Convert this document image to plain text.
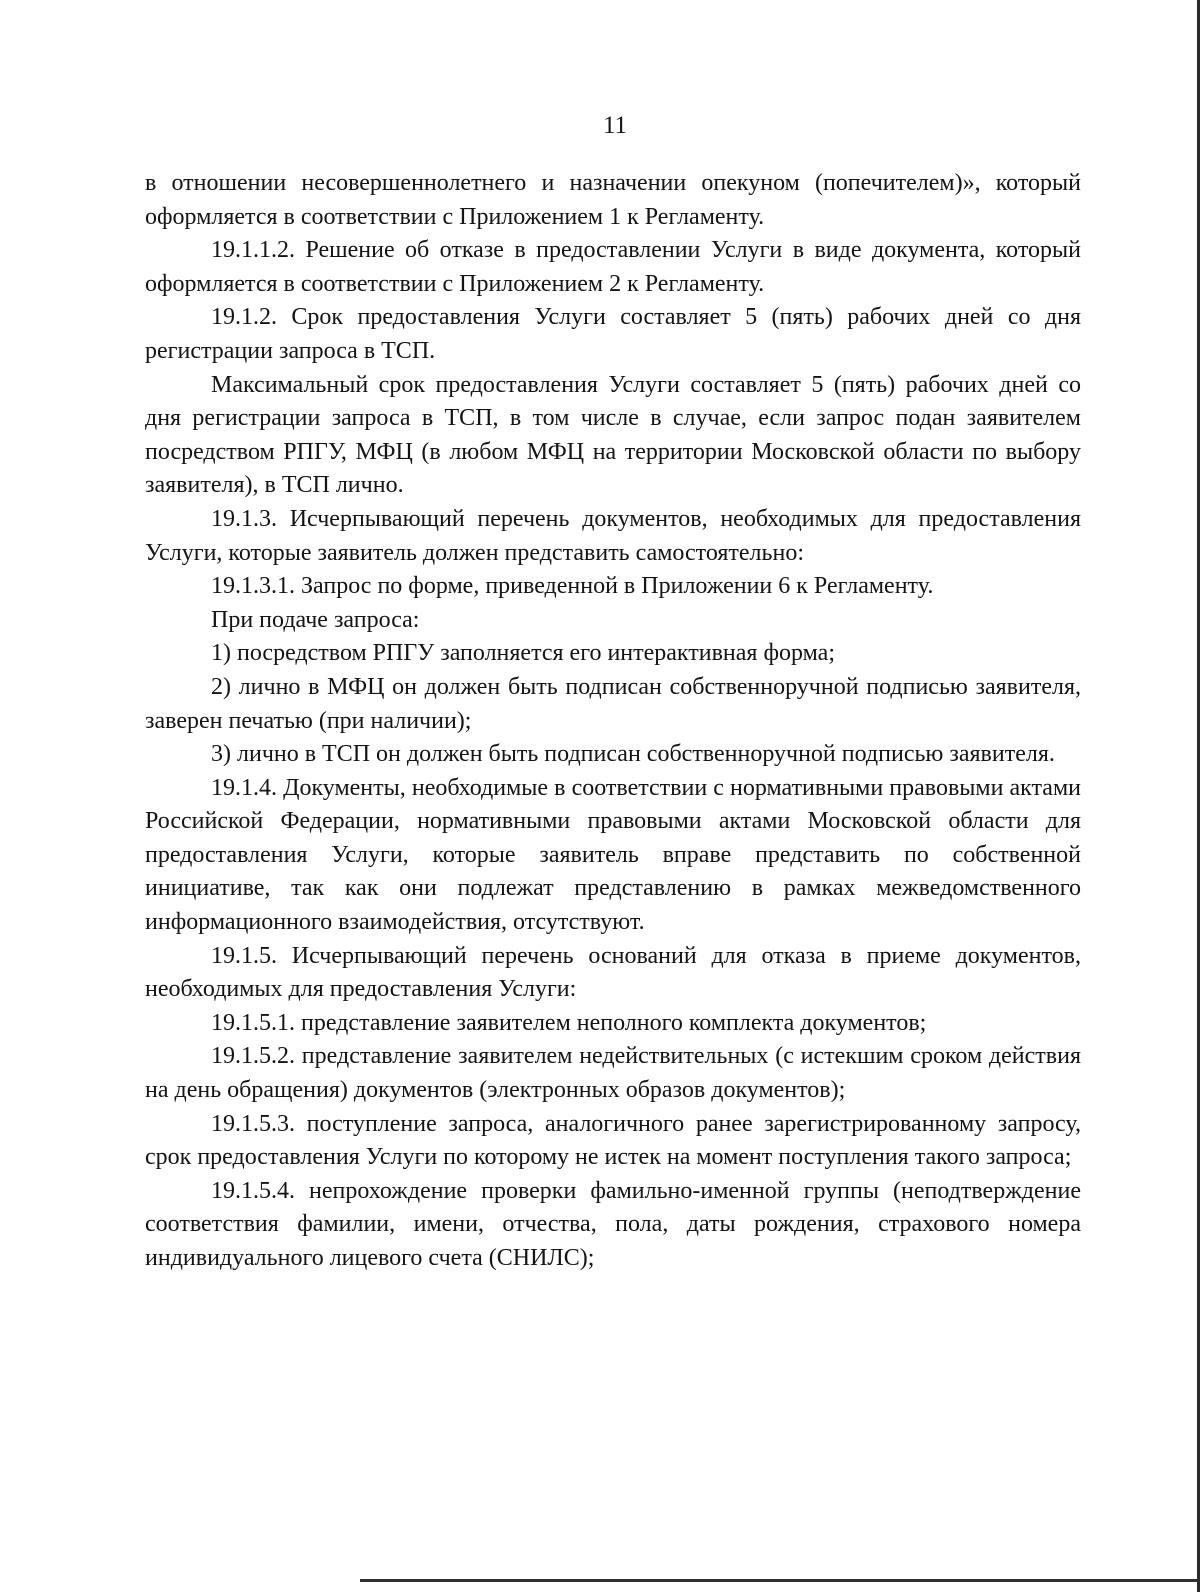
11

в отношении несовершеннолетнего и назначении опекуном (попечителем)», который оформляется в соответствии с Приложением 1 к Регламенту.

19.1.1.2. Решение об отказе в предоставлении Услуги в виде документа, который оформляется в соответствии с Приложением 2 к Регламенту.

19.1.2. Срок предоставления Услуги составляет 5 (пять) рабочих дней со дня регистрации запроса в ТСП.

Максимальный срок предоставления Услуги составляет 5 (пять) рабочих дней со дня регистрации запроса в ТСП, в том числе в случае, если запрос подан заявителем посредством РПГУ, МФЦ (в любом МФЦ на территории Московской области по выбору заявителя), в ТСП лично.

19.1.3. Исчерпывающий перечень документов, необходимых для предоставления Услуги, которые заявитель должен представить самостоятельно:

19.1.3.1. Запрос по форме, приведенной в Приложении 6 к Регламенту.

При подаче запроса:

1) посредством РПГУ заполняется его интерактивная форма;

2) лично в МФЦ он должен быть подписан собственноручной подписью заявителя, заверен печатью (при наличии);

3) лично в ТСП он должен быть подписан собственноручной подписью заявителя.

19.1.4. Документы, необходимые в соответствии с нормативными правовыми актами Российской Федерации, нормативными правовыми актами Московской области для предоставления Услуги, которые заявитель вправе представить по собственной инициативе, так как они подлежат представлению в рамках межведомственного информационного взаимодействия, отсутствуют.

19.1.5. Исчерпывающий перечень оснований для отказа в приеме документов, необходимых для предоставления Услуги:

19.1.5.1. представление заявителем неполного комплекта документов;

19.1.5.2. представление заявителем недействительных (с истекшим сроком действия на день обращения) документов (электронных образов документов);

19.1.5.3. поступление запроса, аналогичного ранее зарегистрированному запросу, срок предоставления Услуги по которому не истек на момент поступления такого запроса;

19.1.5.4. непрохождение проверки фамильно-именной группы (неподтверждение соответствия фамилии, имени, отчества, пола, даты рождения, страхового номера индивидуального лицевого счета (СНИЛС);
